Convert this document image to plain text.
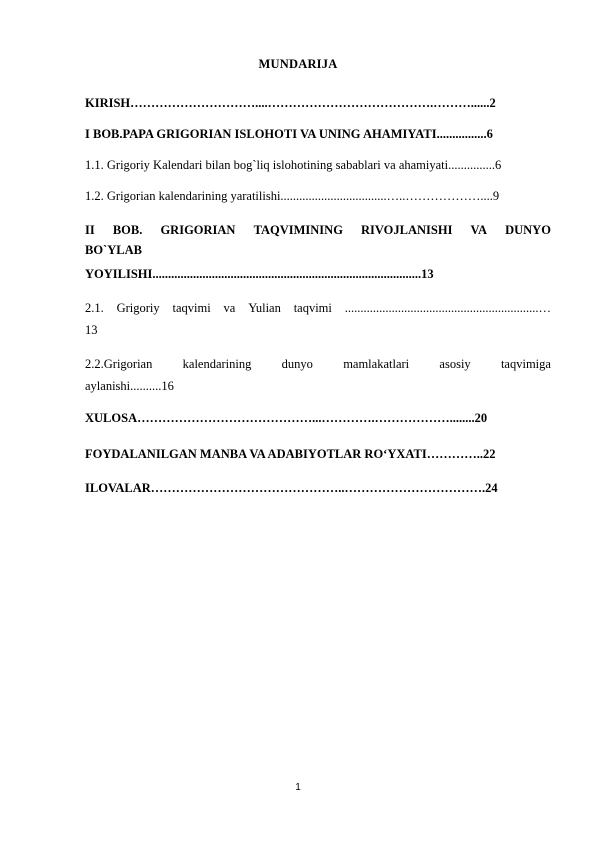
MUNDARIJA
KIRISH…………………………....………………………………….………......2
I BOB.PAPA GRIGORIAN ISLOHOTI VA UNING AHAMIYATI................6
1.1. Grigoriy Kalendari bilan bog`liq islohotining sabablari va ahamiyati...............6
1.2. Grigorian kalendarining yaratilishi..................................…..………………....9
II BOB. GRIGORIAN TAQVIMINING RIVOJLANISHI VA DUNYO
BO`YLAB
YOYILISHI......................................................................................13
2.1. Grigoriy taqvimi va Yulian taqvimi ..............................................................…
13
2.2.Grigorian kalendarining dunyo mamlakatlari asosiy taqvimiga
aylanishi..........16
XULOSA……………………………………...………….………………........20
FOYDALANILGAN MANBA VA ADABIYOTLAR RO‘YXATI…………..22
ILOVALAR………………………………………..…………………………….24
1
